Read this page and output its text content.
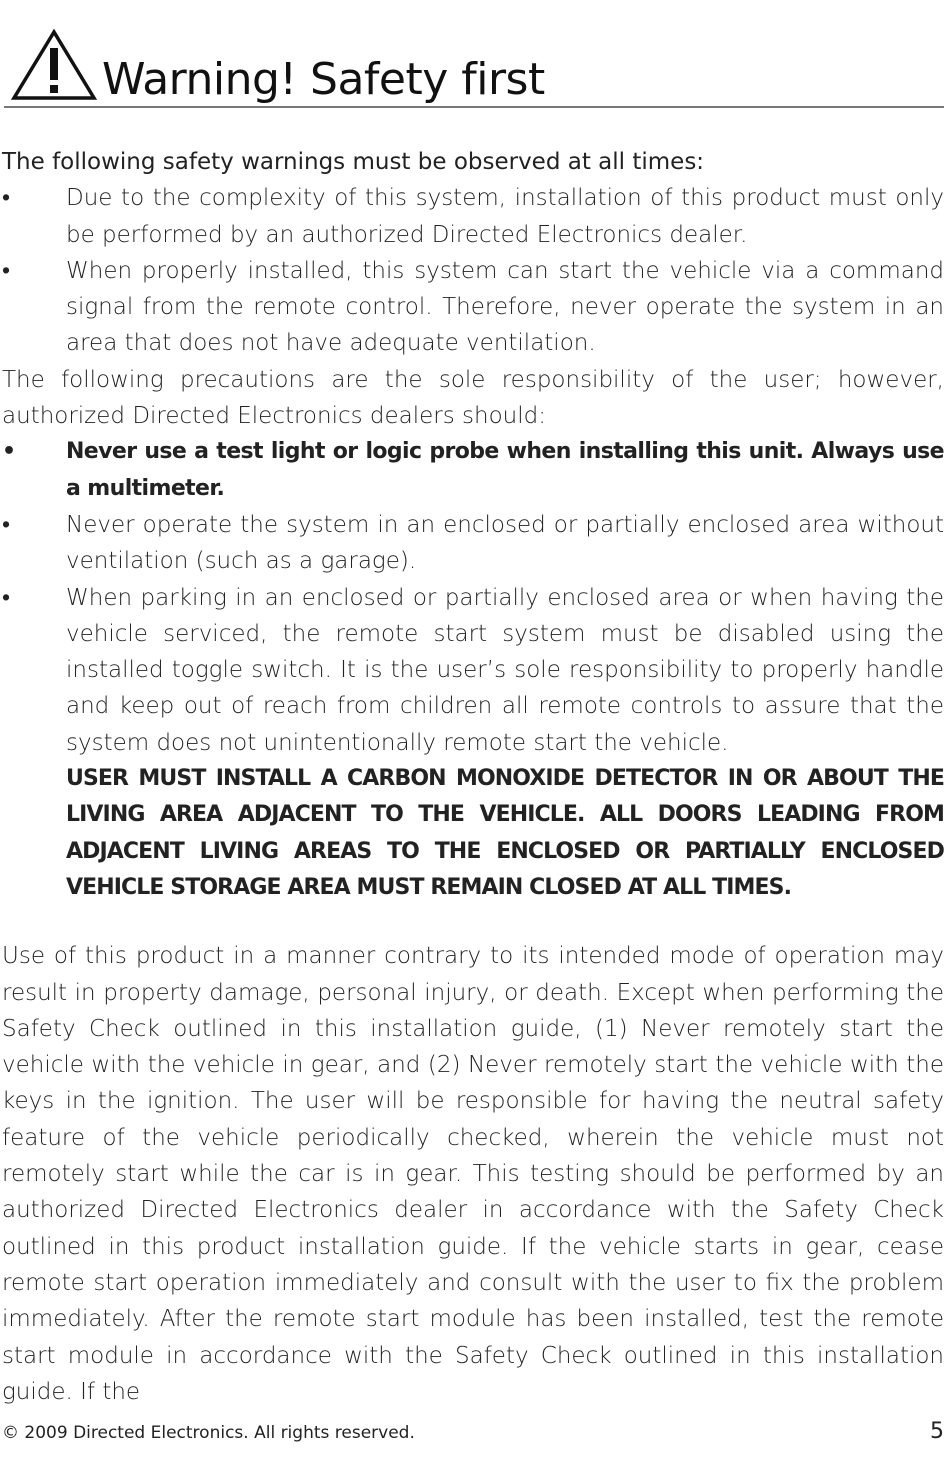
Warning! Safety first

The following safety warnings must be observed at all times:

•	Due to the complexity of this system, installation of this product must only be performed by an authorized Directed Electronics dealer.
•	When properly installed, this system can start the vehicle via a command signal from the remote control. Therefore, never operate the system in an area that does not have adequate ventilation.

The following precautions are the sole responsibility of the user; however, authorized Directed Electronics dealers should:

• Never use a test light or logic probe when installing this unit. Always use a multimeter.
•	Never operate the system in an enclosed or partially enclosed area without ventilation (such as a garage).
•	When parking in an enclosed or partially enclosed area or when having the vehicle serviced, the remote start system must be disabled using the installed toggle switch. It is the user’s sole responsibility to properly handle and keep out of reach from children all remote controls to assure that the system does not unintentionally remote start the vehicle.

USER MUST INSTALL A CARBON MONOXIDE DETECTOR IN OR ABOUT THE LIVING AREA ADJACENT TO THE VEHICLE. ALL DOORS LEADING FROM ADJACENT LIVING AREAS TO THE ENCLOSED OR PARTIALLY ENCLOSED VEHICLE STORAGE AREA MUST REMAIN CLOSED AT ALL TIMES.

Use of this product in a manner contrary to its intended mode of operation may result in property damage, personal injury, or death. Except when performing the Safety Check outlined in this installation guide, (1) Never remotely start the vehicle with the vehicle in gear, and (2) Never remotely start the vehicle with the keys in the ignition. The user will be responsible for having the neutral safety feature of the vehicle periodically checked, wherein the vehicle must not remotely start while the car is in gear. This testing should be performed by an authorized Directed Electronics dealer in accordance with the Safety Check outlined in this product installation guide. If the vehicle starts in gear, cease remote start operation immediately and consult with the user to fix the problem immediately. After the remote start module has been installed, test the remote start module in accordance with the Safety Check outlined in this installation guide. If the

© 2009 Directed Electronics. All rights reserved.	5
